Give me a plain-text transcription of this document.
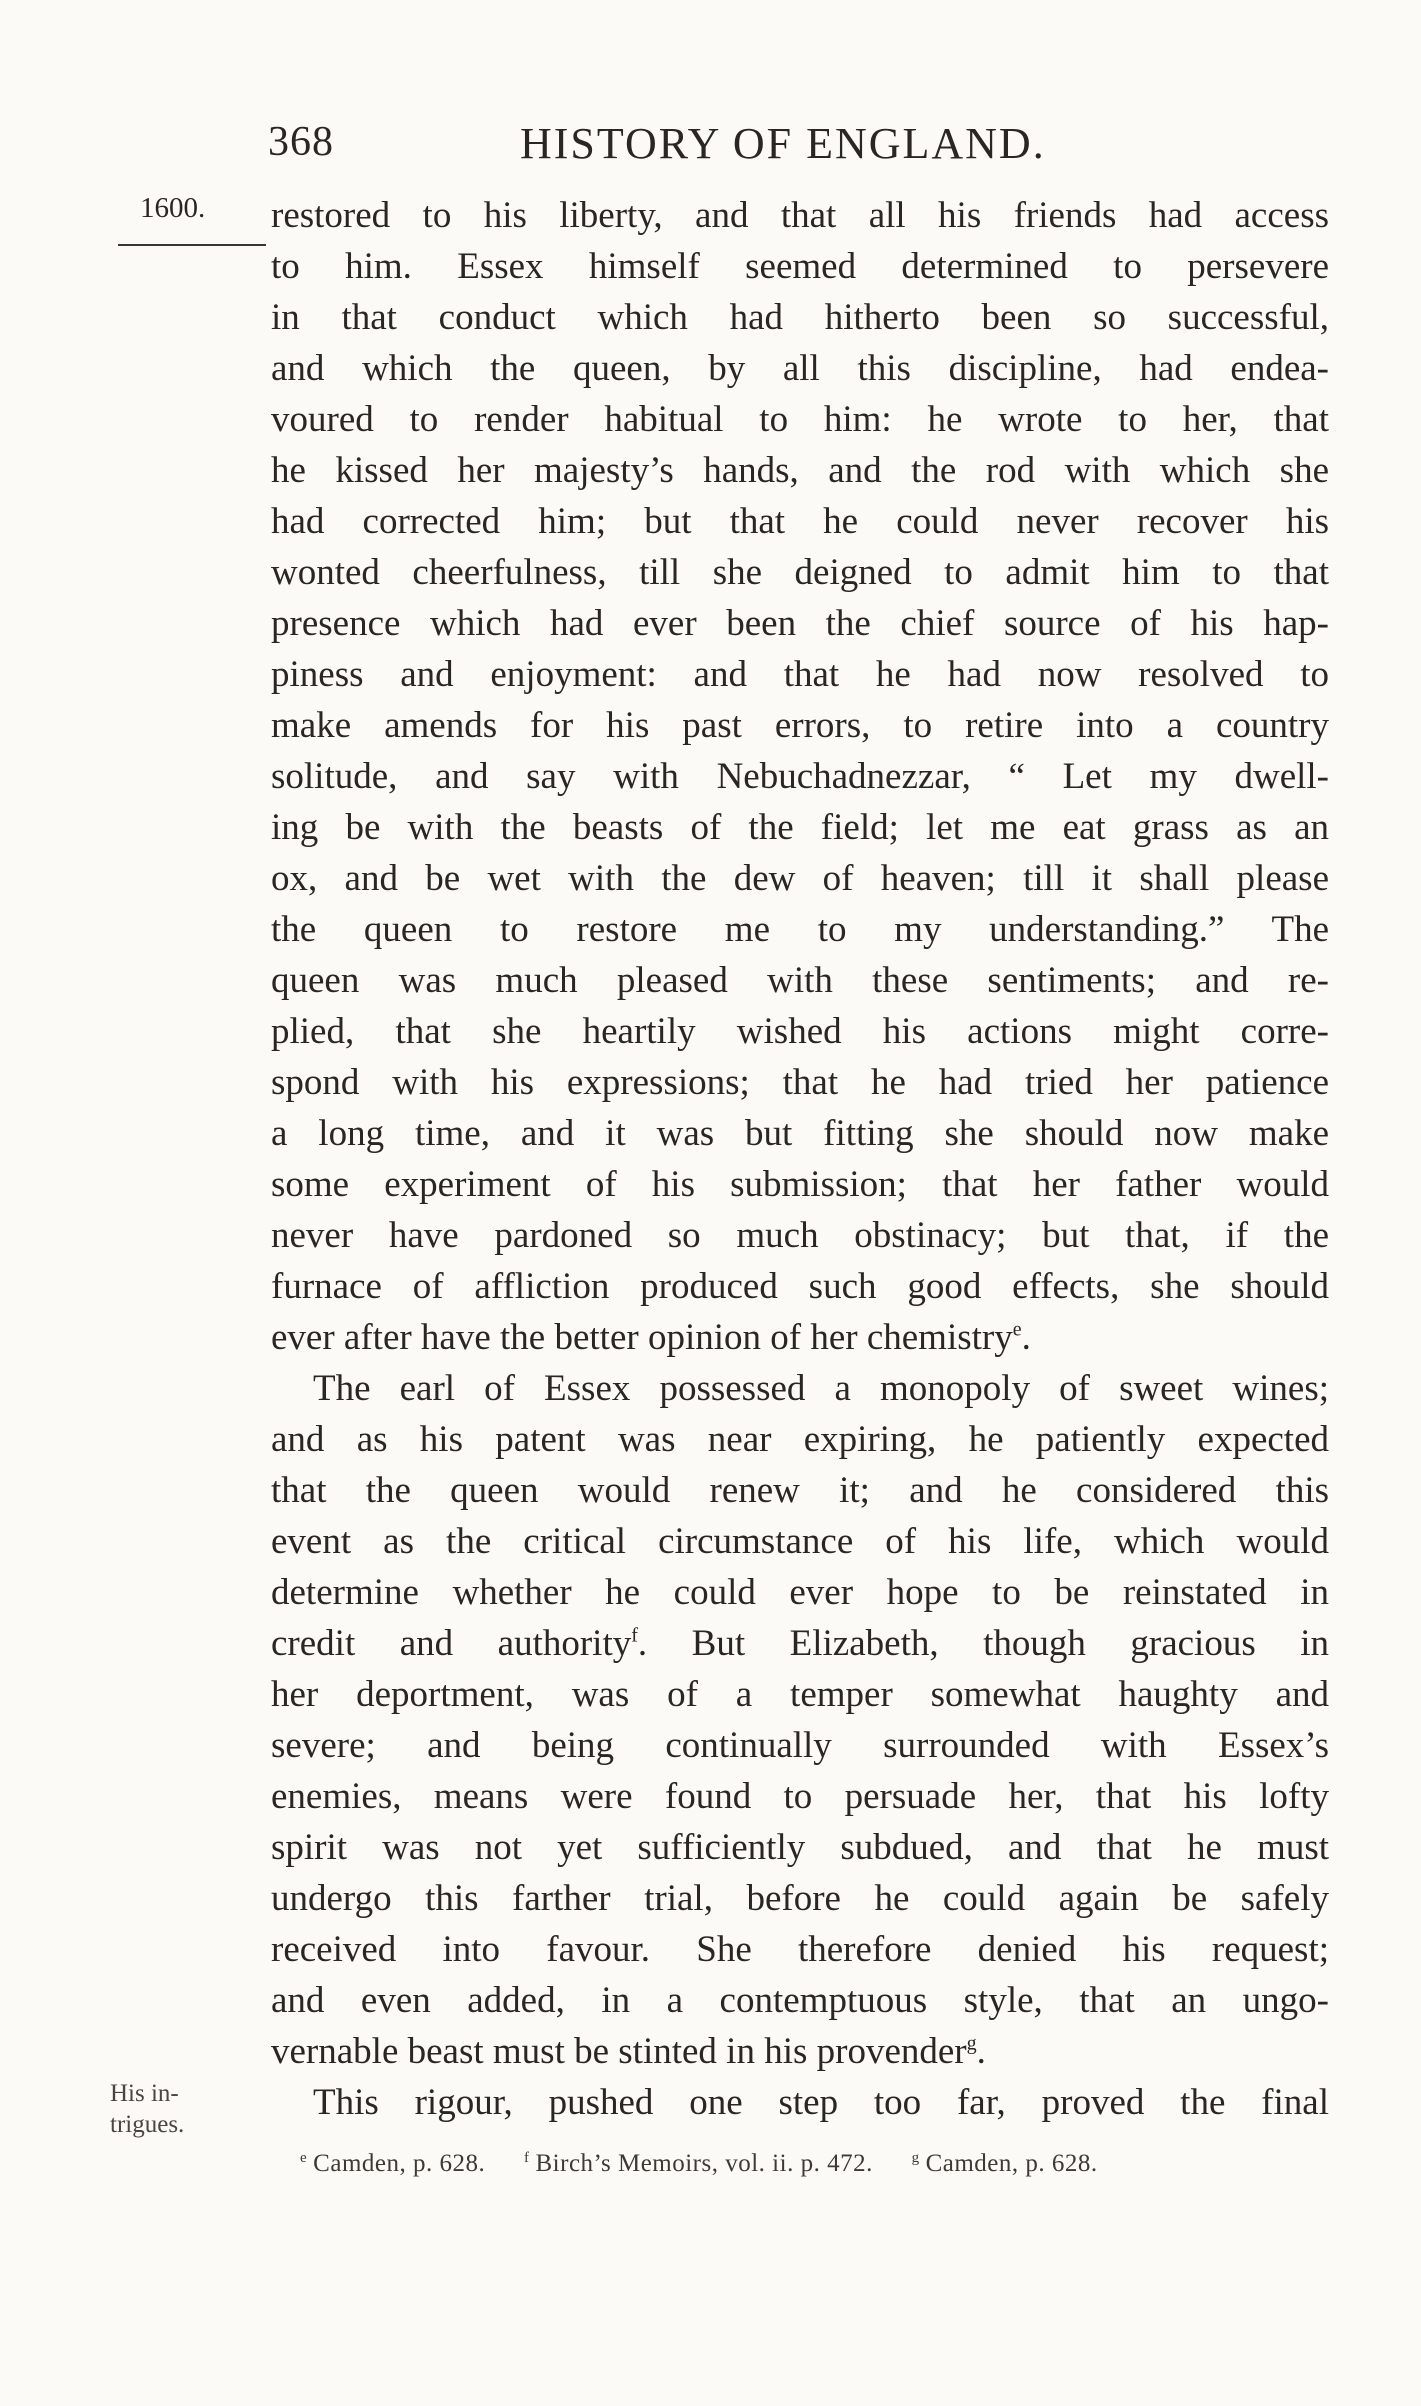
368	HISTORY OF ENGLAND.
1600.
His in-
trigues.
restored to his liberty, and that all his friends had access
to him. Essex himself seemed determined to persevere
in that conduct which had hitherto been so successful,
and which the queen, by all this discipline, had endea-
voured to render habitual to him: he wrote to her, that
he kissed her majesty’s hands, and the rod with which she
had corrected him; but that he could never recover his
wonted cheerfulness, till she deigned to admit him to that
presence which had ever been the chief source of his hap-
piness and enjoyment: and that he had now resolved to
make amends for his past errors, to retire into a country
solitude, and say with Nebuchadnezzar, “ Let my dwell-
ing be with the beasts of the field; let me eat grass as an
ox, and be wet with the dew of heaven; till it shall please
the queen to restore me to my understanding.” The
queen was much pleased with these sentiments; and re-
plied, that she heartily wished his actions might corre-
spond with his expressions; that he had tried her patience
a long time, and it was but fitting she should now make
some experiment of his submission; that her father would
never have pardoned so much obstinacy; but that, if the
furnace of affliction produced such good effects, she should
ever after have the better opinion of her chemistry$^e$.
The earl of Essex possessed a monopoly of sweet wines;
and as his patent was near expiring, he patiently expected
that the queen would renew it; and he considered this
event as the critical circumstance of his life, which would
determine whether he could ever hope to be reinstated in
credit and authority$^f$. But Elizabeth, though gracious in
her deportment, was of a temper somewhat haughty and
severe; and being continually surrounded with Essex’s
enemies, means were found to persuade her, that his lofty
spirit was not yet sufficiently subdued, and that he must
undergo this farther trial, before he could again be safely
received into favour. She therefore denied his request;
and even added, in a contemptuous style, that an ungo-
vernable beast must be stinted in his provender$^g$.
This rigour, pushed one step too far, proved the final
$^e$ Camden, p. 628.	$^f$ Birch’s Memoirs, vol. ii. p. 472.	$^g$ Camden, p. 628.
